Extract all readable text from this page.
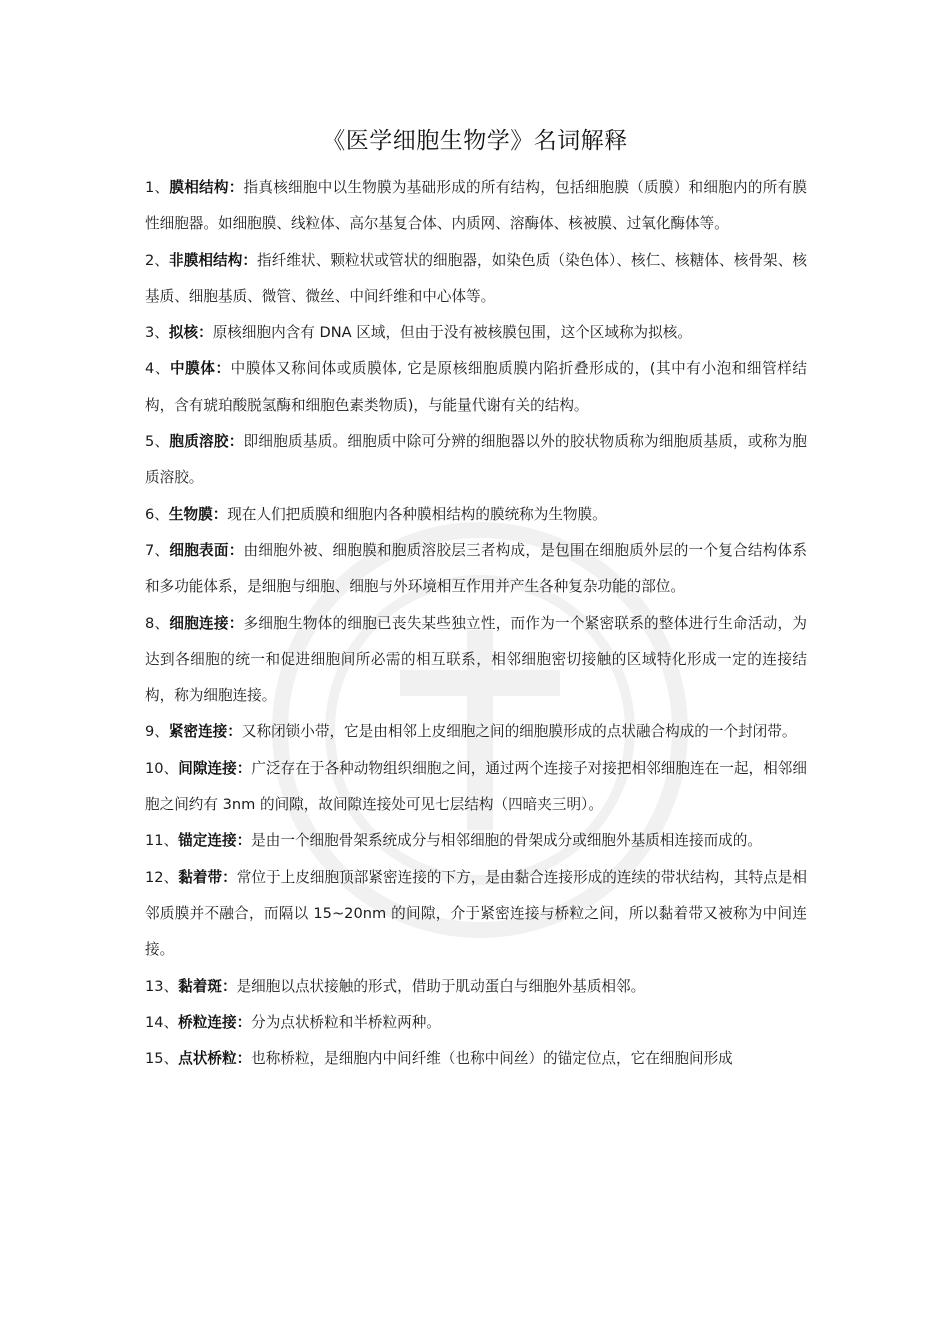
《医学细胞生物学》名词解释

1、膜相结构：指真核细胞中以生物膜为基础形成的所有结构，包括细胞膜（质膜）和细胞内的所有膜性细胞器。如细胞膜、线粒体、高尔基复合体、内质网、溶酶体、核被膜、过氧化酶体等。

2、非膜相结构：指纤维状、颗粒状或管状的细胞器，如染色质（染色体）、核仁、核糖体、核骨架、核基质、细胞基质、微管、微丝、中间纤维和中心体等。

3、拟核：原核细胞内含有 DNA 区域，但由于没有被核膜包围，这个区域称为拟核。

4、中膜体：中膜体又称间体或质膜体, 它是原核细胞质膜内陷折叠形成的，(其中有小泡和细管样结构，含有琥珀酸脱氢酶和细胞色素类物质)，与能量代谢有关的结构。

5、胞质溶胶：即细胞质基质。细胞质中除可分辨的细胞器以外的胶状物质称为细胞质基质，或称为胞质溶胶。

6、生物膜：现在人们把质膜和细胞内各种膜相结构的膜统称为生物膜。

7、细胞表面：由细胞外被、细胞膜和胞质溶胶层三者构成，是包围在细胞质外层的一个复合结构体系和多功能体系，是细胞与细胞、细胞与外环境相互作用并产生各种复杂功能的部位。

8、细胞连接：多细胞生物体的细胞已丧失某些独立性，而作为一个紧密联系的整体进行生命活动，为达到各细胞的统一和促进细胞间所必需的相互联系，相邻细胞密切接触的区域特化形成一定的连接结构，称为细胞连接。

9、紧密连接：又称闭锁小带，它是由相邻上皮细胞之间的细胞膜形成的点状融合构成的一个封闭带。

10、间隙连接：广泛存在于各种动物组织细胞之间，通过两个连接子对接把相邻细胞连在一起，相邻细胞之间约有 3nm 的间隙，故间隙连接处可见七层结构（四暗夹三明）。

11、锚定连接：是由一个细胞骨架系统成分与相邻细胞的骨架成分或细胞外基质相连接而成的。

12、黏着带：常位于上皮细胞顶部紧密连接的下方，是由黏合连接形成的连续的带状结构，其特点是相邻质膜并不融合，而隔以 15~20nm 的间隙，介于紧密连接与桥粒之间，所以黏着带又被称为中间连接。

13、黏着斑：是细胞以点状接触的形式，借助于肌动蛋白与细胞外基质相邻。

14、桥粒连接：分为点状桥粒和半桥粒两种。

15、点状桥粒：也称桥粒，是细胞内中间纤维（也称中间丝）的锚定位点，它在细胞间形成
